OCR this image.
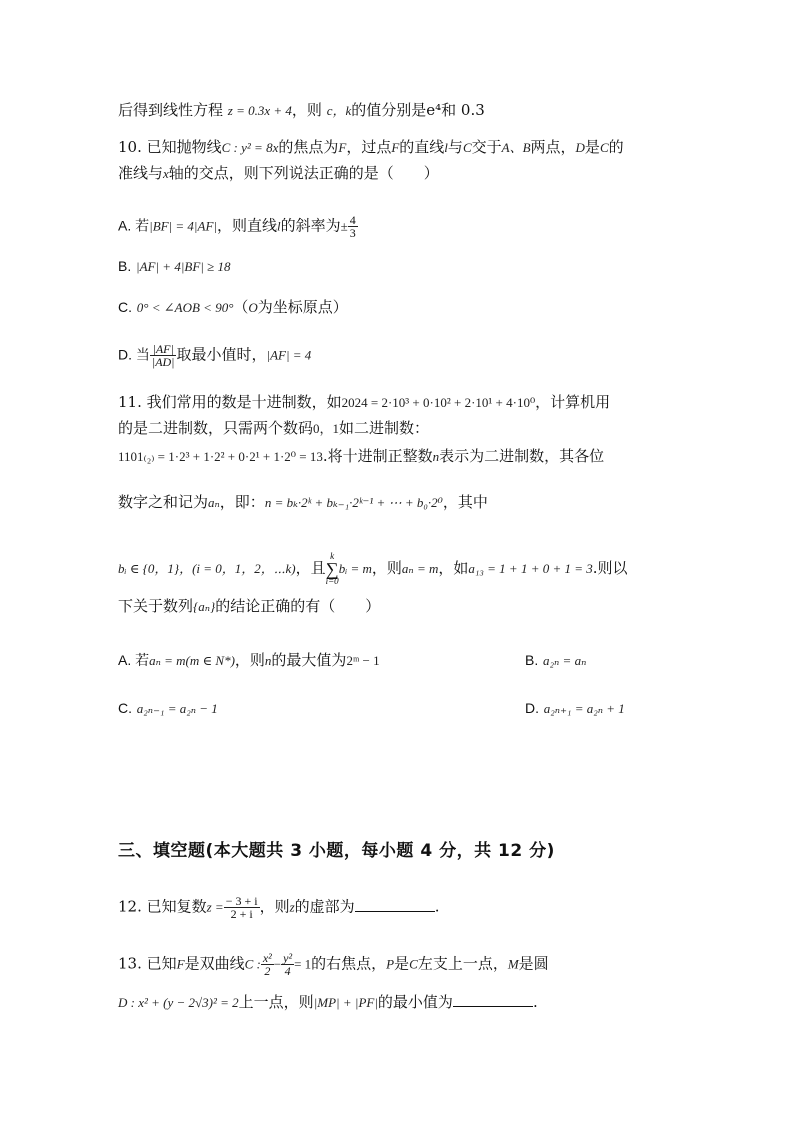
后得到线性方程 z = 0.3x + 4，则 c，k的值分别是e⁴和 0.3
10. 已知抛物线C : y² = 8x的焦点为F，过点F的直线l与C交于A、B两点，D是C的
准线与x轴的交点，则下列说法正确的是（　　）
A. 若|BF| = 4|AF|，则直线l的斜率为± $\frac{4}{3}$
B. |AF| + 4|BF| ≥ 18
C. 0° < ∠AOB < 90°（O为坐标原点）
D. 当 $\frac{|AF|}{|AD|}$ 取最小值时，|AF| = 4
11. 我们常用的数是十进制数，如2024 = 2·10³ + 0·10² + 2·10¹ + 4·10⁰，计算机用
的是二进制数，只需两个数码0，1如二进制数：
1101₍₂₎ = 1·2³ + 1·2² + 0·2¹ + 1·2⁰ = 13.将十进制正整数n表示为二进制数，其各位
数字之和记为aₙ，即：n = bₖ·2ᵏ + bₖ₋₁·2ᵏ⁻¹ + ⋯ + b₀·2⁰，其中
bᵢ ∈ {0，1}，(i = 0，1，2，⋯k)，且
k
∑
i=0
bᵢ = m，则aₙ = m，如a₁₃ = 1 + 1 + 0 + 1 = 3.则以
下关于数列{aₙ}的结论正确的有（　　）
A. 若aₙ = m(m ∈ N*)，则n的最大值为2ᵐ − 1	B. a₂ₙ = aₙ
C. a₂ₙ₋₁ = a₂ₙ − 1	D. a₂ₙ₊₁ = a₂ₙ + 1
三、填空题(本大题共 3 小题，每小题 4 分，共 12 分)
12. 已知复数$z = \frac{- 3 + i}{2 + i}$ ，则z的虚部为	.
13. 已知F是双曲线C : $\frac{\text{x²}}{2} - \frac{\text{y²}}{4} = 1$的右焦点，P是C左支上一点，M是圆
D : x² + (y − 2√3)² = 2上一点，则|MP| + |PF|的最小值为	.
